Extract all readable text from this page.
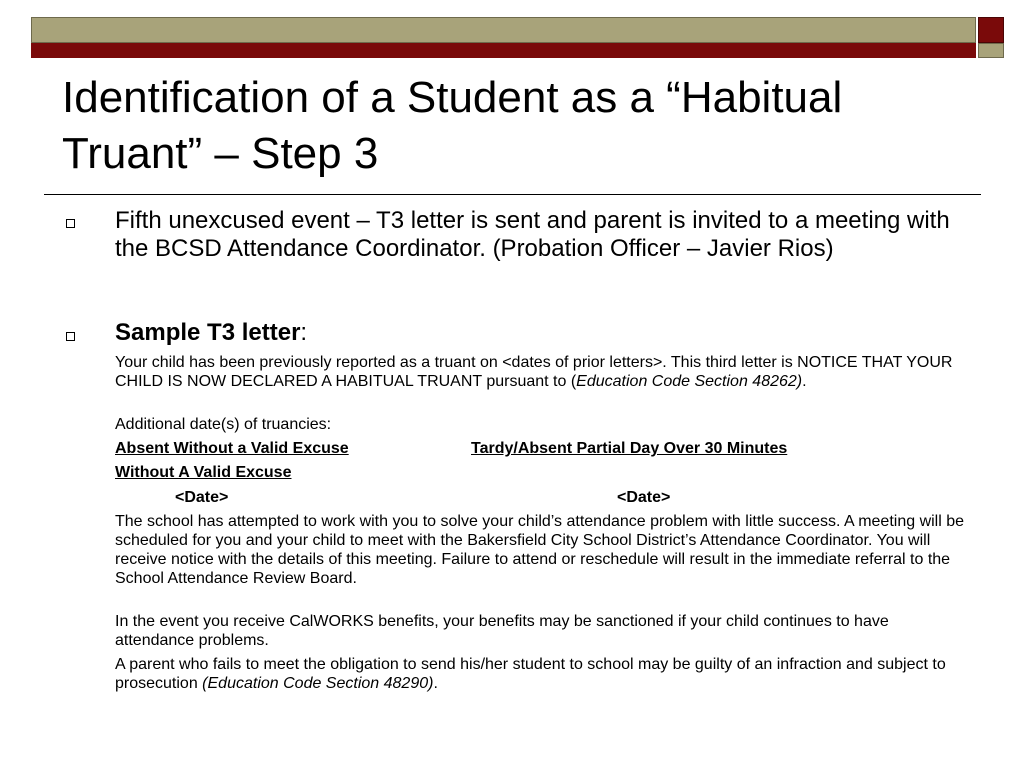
Identification of a Student as a “Habitual Truant” – Step 3
Fifth unexcused event – T3 letter is sent and parent is invited to a meeting with the BCSD Attendance Coordinator. (Probation Officer – Javier Rios)
Sample T3 letter:
Your child has been previously reported as a truant on <dates of prior letters>. This third letter is NOTICE THAT YOUR CHILD IS NOW DECLARED A HABITUAL TRUANT pursuant to (Education Code Section 48262).
Additional date(s) of truancies:
Absent Without a Valid Excuse	Tardy/Absent Partial Day Over 30 Minutes
Without A Valid Excuse
<Date>	<Date>
The school has attempted to work with you to solve your child’s attendance problem with little success. A meeting will be scheduled for you and your child to meet with the Bakersfield City School District’s Attendance Coordinator. You will receive notice with the details of this meeting. Failure to attend or reschedule will result in the immediate referral to the School Attendance Review Board.
In the event you receive CalWORKS benefits, your benefits may be sanctioned if your child continues to have attendance problems.
A parent who fails to meet the obligation to send his/her student to school may be guilty of an infraction and subject to prosecution (Education Code Section 48290).
